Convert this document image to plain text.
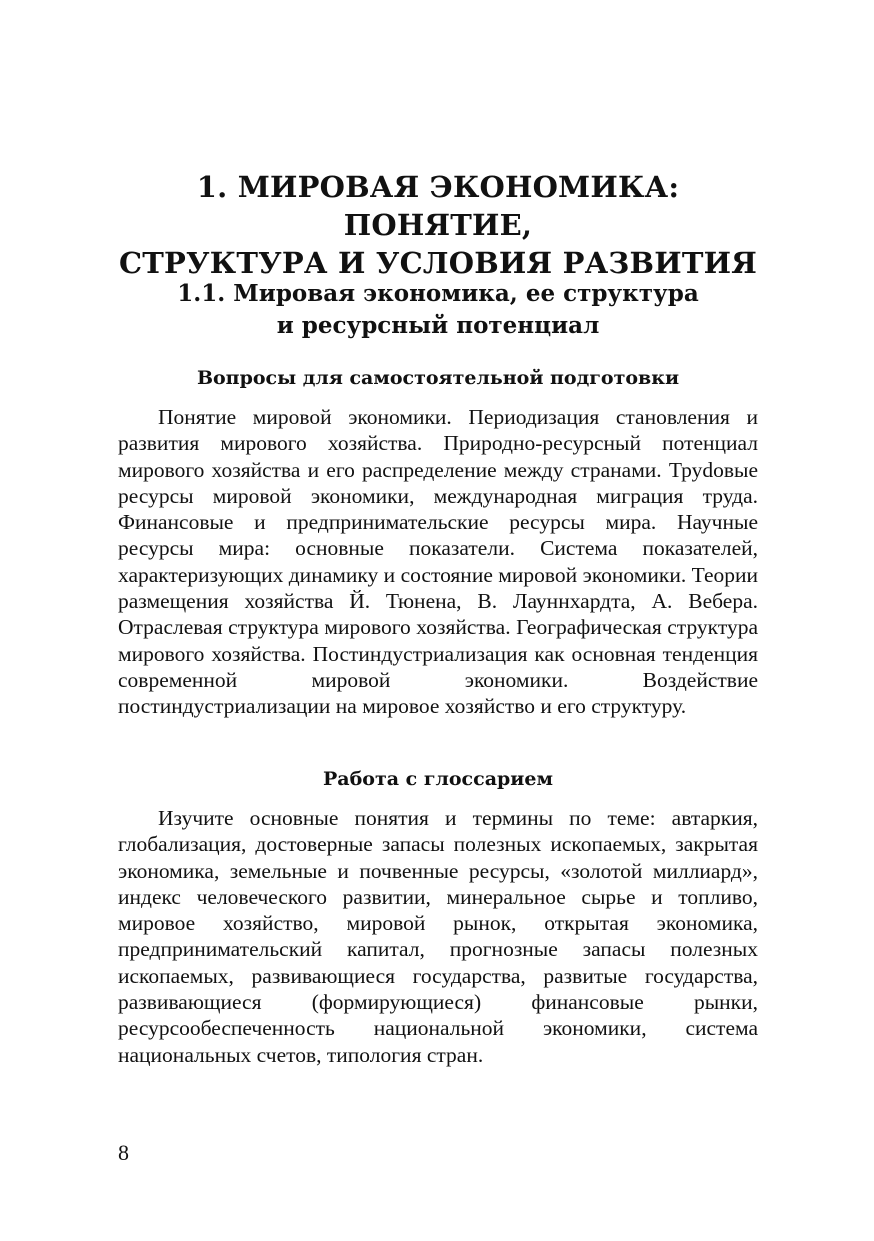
1. МИРОВАЯ ЭКОНОМИКА: ПОНЯТИЕ,
СТРУКТУРА И УСЛОВИЯ РАЗВИТИЯ
1.1. Мировая экономика, ее структура
и ресурсный потенциал
Вопросы для самостоятельной подготовки

Понятие мировой экономики. Периодизация становления и развития мирового хозяйства. Природно-ресурсный потенциал мирового хозяйства и его распределение между странами. Труdовые ресурсы мировой экономики, международная миграция труда. Финансовые и предпринимательские ресурсы мира. Научные ресурсы мира: основные показатели. Система показателей, характеризующих динамику и состояние мировой экономики. Теории размещения хозяйства Й. Тюнена, В. Лауннхардта, А. Вебера. Отраслевая структура мирового хозяйства. Географическая структура мирового хозяйства. Постиндустриализация как основная тенденция современной мировой экономики. Воздействие постиндустриализации на мировое хозяйство и его структуру.

Работа с глоссарием

Изучите основные понятия и термины по теме: автаркия, глобализация, достоверные запасы полезных ископаемых, закрытая экономика, земельные и почвенные ресурсы, «золотой миллиард», индекс человеческого развитии, минеральное сырье и топливо, мировое хозяйство, мировой рынок, открытая экономика, предпринимательский капитал, прогнозные запасы полезных ископаемых, развивающиеся государства, развитые государства, развивающиеся (формирующиеся) финансовые рынки, ресурсообеспеченность национальной экономики, система национальных счетов, типология стран.

8
